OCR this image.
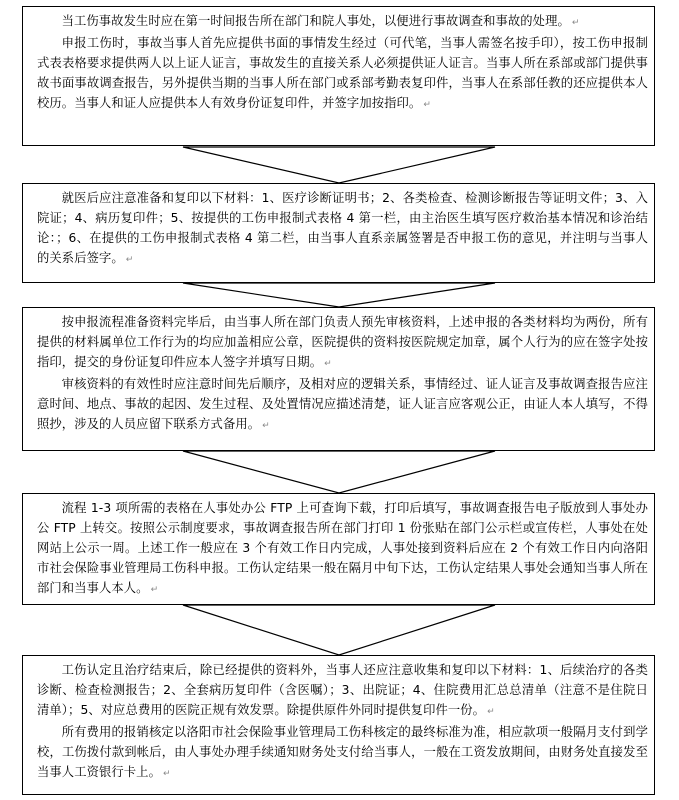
当工伤事故发生时应在第一时间报告所在部门和院人事处，以便进行事故调查和事故的处理。 ↵

申报工伤时，事故当事人首先应提供书面的事情发生经过（可代笔，当事人需签名按手印），按工伤申报制式表表格要求提供两人以上证人证言，事故发生的直接关系人必须提供证人证言。当事人所在系部或部门提供事故书面事故调查报告，另外提供当期的当事人所在部门或系部考勤表复印件，当事人在系部任教的还应提供本人校历。当事人和证人应提供本人有效身份证复印件，并签字加按指印。 ↵

就医后应注意准备和复印以下材料：1、医疗诊断证明书；2、各类检查、检测诊断报告等证明文件；3、入院证；4、病历复印件；5、按提供的工伤申报制式表格 4 第一栏，由主治医生填写医疗救治基本情况和诊治结论：；6、在提供的工伤申报制式表格 4 第二栏，由当事人直系亲属签署是否申报工伤的意见，并注明与当事人的关系后签字。 ↵

按申报流程准备资料完毕后，由当事人所在部门负责人预先审核资料，上述申报的各类材料均为两份，所有提供的材料属单位工作行为的均应加盖相应公章，医院提供的资料按医院规定加章，属个人行为的应在签字处按指印，提交的身份证复印件应本人签字并填写日期。 ↵

审核资料的有效性时应注意时间先后顺序，及相对应的逻辑关系，事情经过、证人证言及事故调查报告应注意时间、地点、事故的起因、发生过程、及处置情况应描述清楚，证人证言应客观公正，由证人本人填写，不得照抄，涉及的人员应留下联系方式备用。 ↵

流程 1-3 项所需的表格在人事处办公 FTP 上可查询下载，打印后填写，事故调查报告电子版放到人事处办公 FTP 上转交。按照公示制度要求，事故调查报告所在部门打印 1 份张贴在部门公示栏或宣传栏，人事处在处网站上公示一周。上述工作一般应在 3 个有效工作日内完成，人事处接到资料后应在 2 个有效工作日内向洛阳市社会保险事业管理局工伤科申报。工伤认定结果一般在隔月中旬下达，工伤认定结果人事处会通知当事人所在部门和当事人本人。 ↵

工伤认定且治疗结束后，除已经提供的资料外，当事人还应注意收集和复印以下材料：1、后续治疗的各类诊断、检查检测报告；2、全套病历复印件（含医嘱）；3、出院证；4、住院费用汇总总清单（注意不是住院日清单）；5、对应总费用的医院正规有效发票。除提供原件外同时提供复印件一份。 ↵

所有费用的报销核定以洛阳市社会保险事业管理局工伤科核定的最终标准为准，相应款项一般隔月支付到学校，工伤拨付款到帐后，由人事处办理手续通知财务处支付给当事人，一般在工资发放期间，由财务处直接发至当事人工资银行卡上。 ↵
